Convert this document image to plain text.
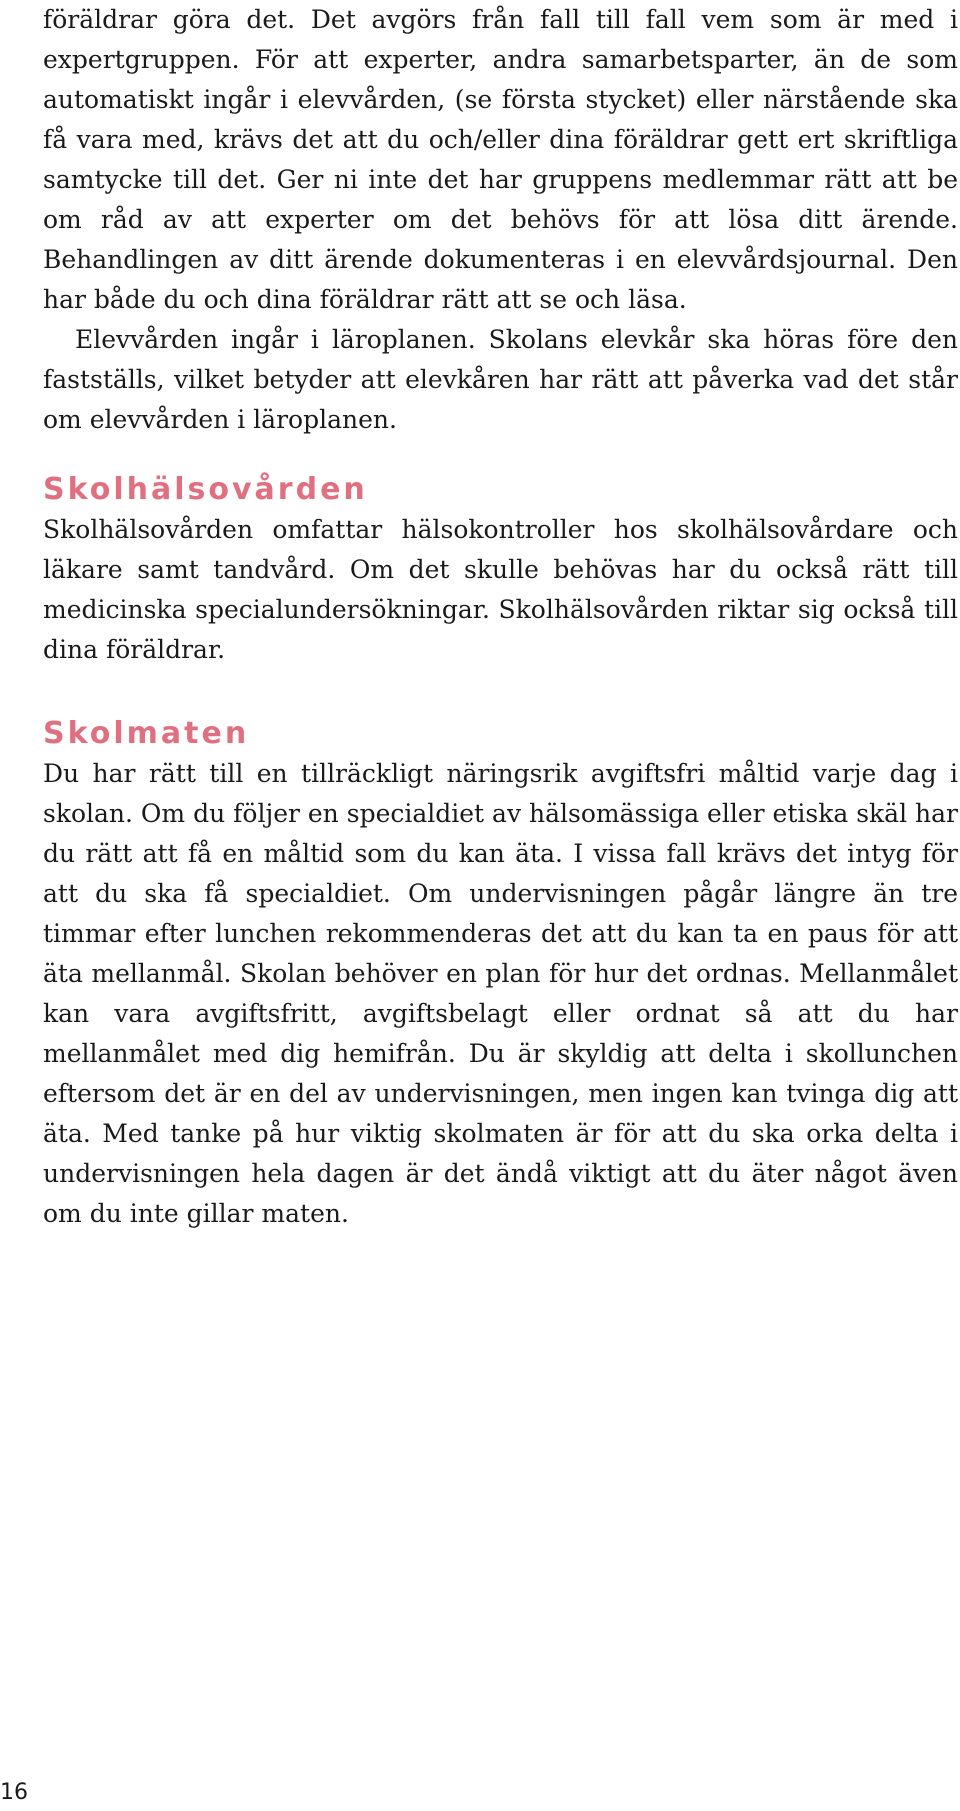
föräldrar göra det. Det avgörs från fall till fall vem som är med i expertgruppen. För att experter, andra samarbetsparter, än de som automatiskt ingår i elevvården, (se första stycket) eller närstående ska få vara med, krävs det att du och/eller dina föräldrar gett ert skriftliga samtycke till det. Ger ni inte det har gruppens medlemmar rätt att be om råd av att experter om det behövs för att lösa ditt ärende. Behandlingen av ditt ärende dokumenteras i en elevvårdsjournal. Den har både du och dina föräldrar rätt att se och läsa.

Elevvården ingår i läroplanen. Skolans elevkår ska höras före den fastställs, vilket betyder att elevkåren har rätt att påverka vad det står om elevvården i läroplanen.

Skolhälsovården

Skolhälsovården omfattar hälsokontroller hos skolhälsovårdare och läkare samt tandvård. Om det skulle behövas har du också rätt till medicinska specialundersökningar. Skolhälsovården riktar sig också till dina föräldrar.

Skolmaten

Du har rätt till en tillräckligt näringsrik avgiftsfri måltid varje dag i skolan. Om du följer en specialdiet av hälsomässiga eller etiska skäl har du rätt att få en måltid som du kan äta. I vissa fall krävs det intyg för att du ska få specialdiet. Om undervisningen pågår längre än tre timmar efter lunchen rekommenderas det att du kan ta en paus för att äta mellanmål. Skolan behöver en plan för hur det ordnas. Mellanmålet kan vara avgiftsfritt, avgiftsbelagt eller ordnat så att du har mellanmålet med dig hemifrån. Du är skyldig att delta i skollunchen eftersom det är en del av undervisningen, men ingen kan tvinga dig att äta. Med tanke på hur viktig skolmaten är för att du ska orka delta i undervisningen hela dagen är det ändå viktigt att du äter något även om du inte gillar maten.

16
